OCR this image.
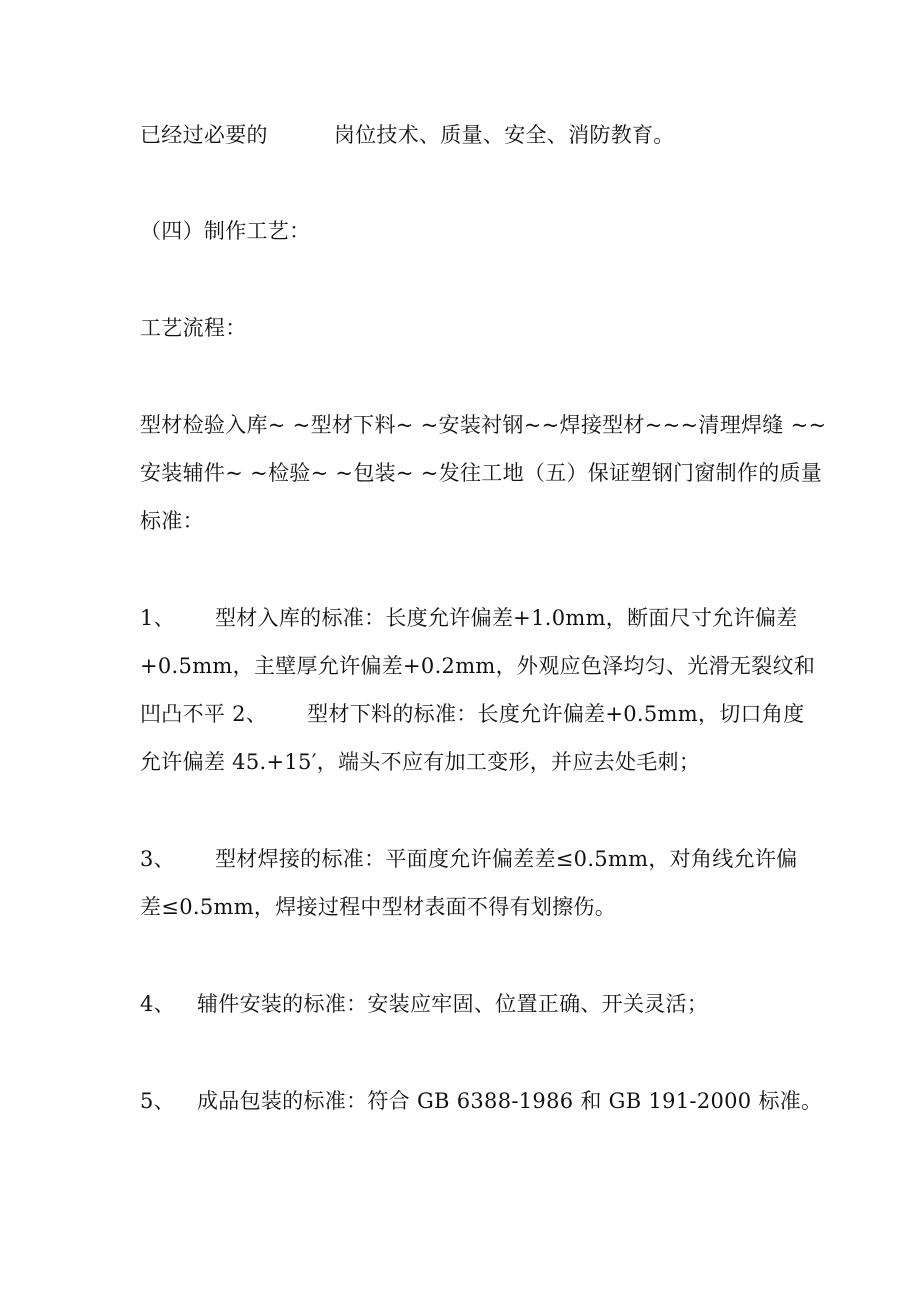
已经过必要的	岗位技术、质量、安全、消防教育。
（四）制作工艺：
工艺流程：
型材检验入库~ ~型材下料~ ~安装衬钢~~焊接型材~~~清理焊缝 ~~
安装辅件~ ~检验~ ~包装~ ~发往工地（五）保证塑钢门窗制作的质量
标准：
1、 型材入库的标准：长度允许偏差+1.0mm，断面尺寸允许偏差
+0.5mm，主壁厚允许偏差+0.2mm，外观应色泽均匀、光滑无裂纹和
凹凸不平 2、 型材下料的标准：长度允许偏差+0.5mm，切口角度
允许偏差 45.+15′，端头不应有加工变形，并应去处毛刺；
3、 型材焊接的标准：平面度允许偏差差≤0.5mm，对角线允许偏
差≤0.5mm，焊接过程中型材表面不得有划擦伤。
4、 辅件安装的标准：安装应牢固、位置正确、开关灵活；
5、 成品包装的标准：符合 GB 6388-1986 和 GB 191-2000 标准。
